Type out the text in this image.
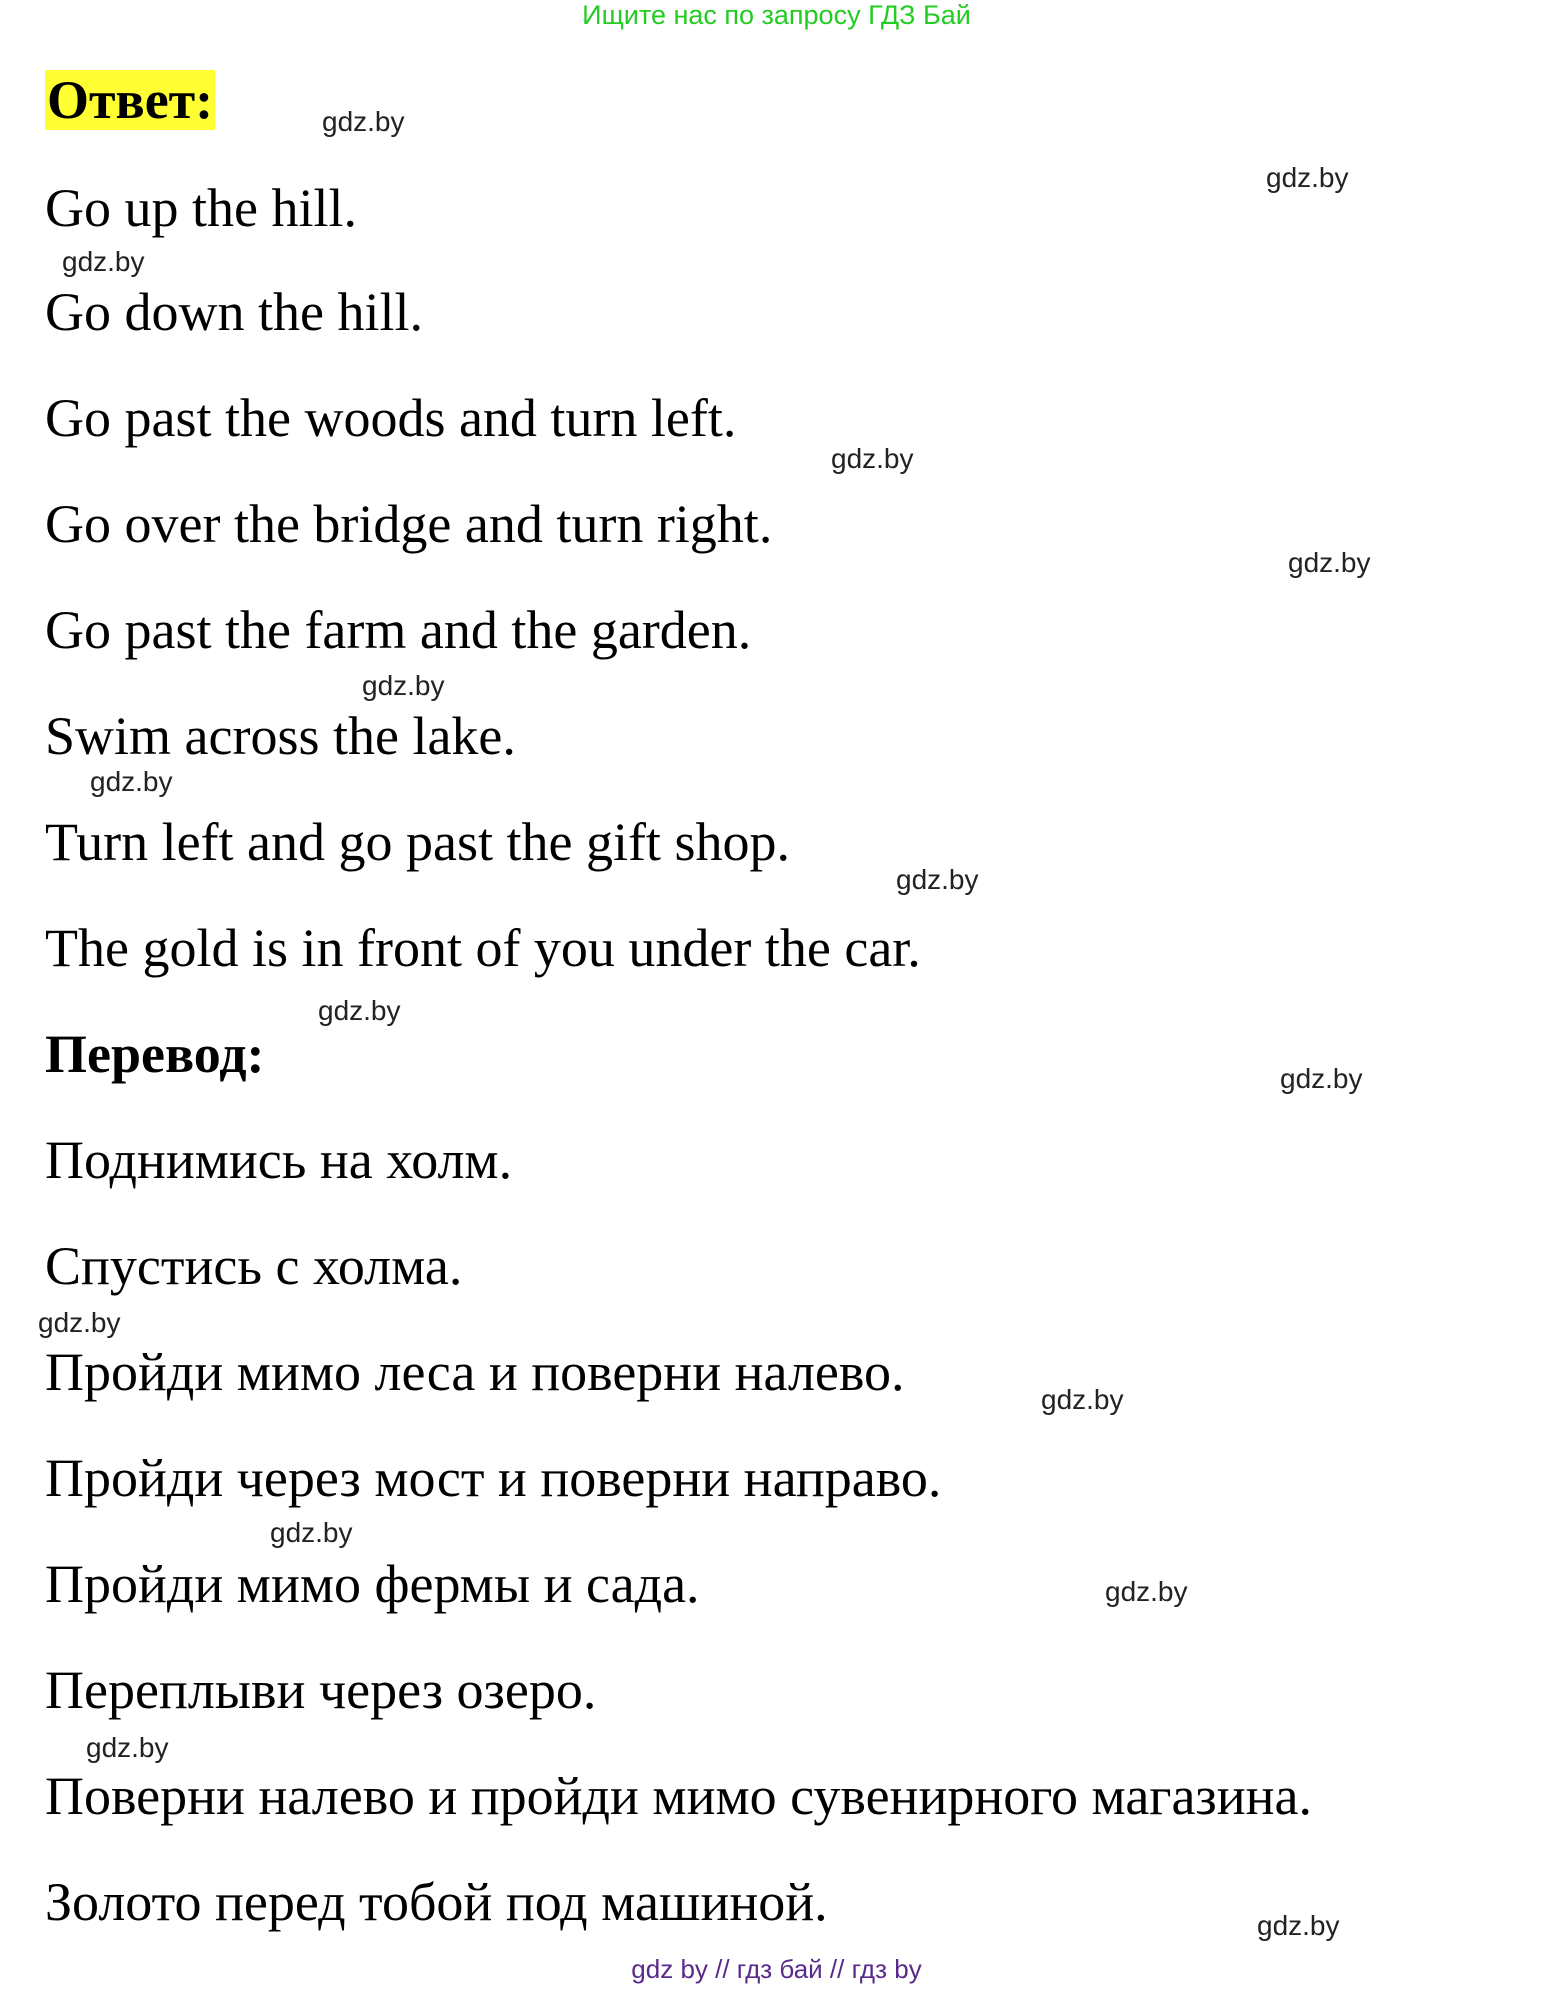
Ищите нас по запросу ГДЗ Бай
Ответ:
Go up the hill.
Go down the hill.
Go past the woods and turn left.
Go over the bridge and turn right.
Go past the farm and the garden.
Swim across the lake.
Turn left and go past the gift shop.
The gold is in front of you under the car.
Перевод:
Поднимись на холм.
Спустись с холма.
Пройди мимо леса и поверни налево.
Пройди через мост и поверни направо.
Пройди мимо фермы и сада.
Переплыви через озеро.
Поверни налево и пройди мимо сувенирного магазина.
Золото перед тобой под машиной.
gdz.by
gdz.by
gdz.by
gdz.by
gdz.by
gdz.by
gdz.by
gdz.by
gdz.by
gdz.by
gdz.by
gdz.by
gdz.by
gdz.by
gdz.by
gdz.by
gdz by // гдз бай // гдз by
